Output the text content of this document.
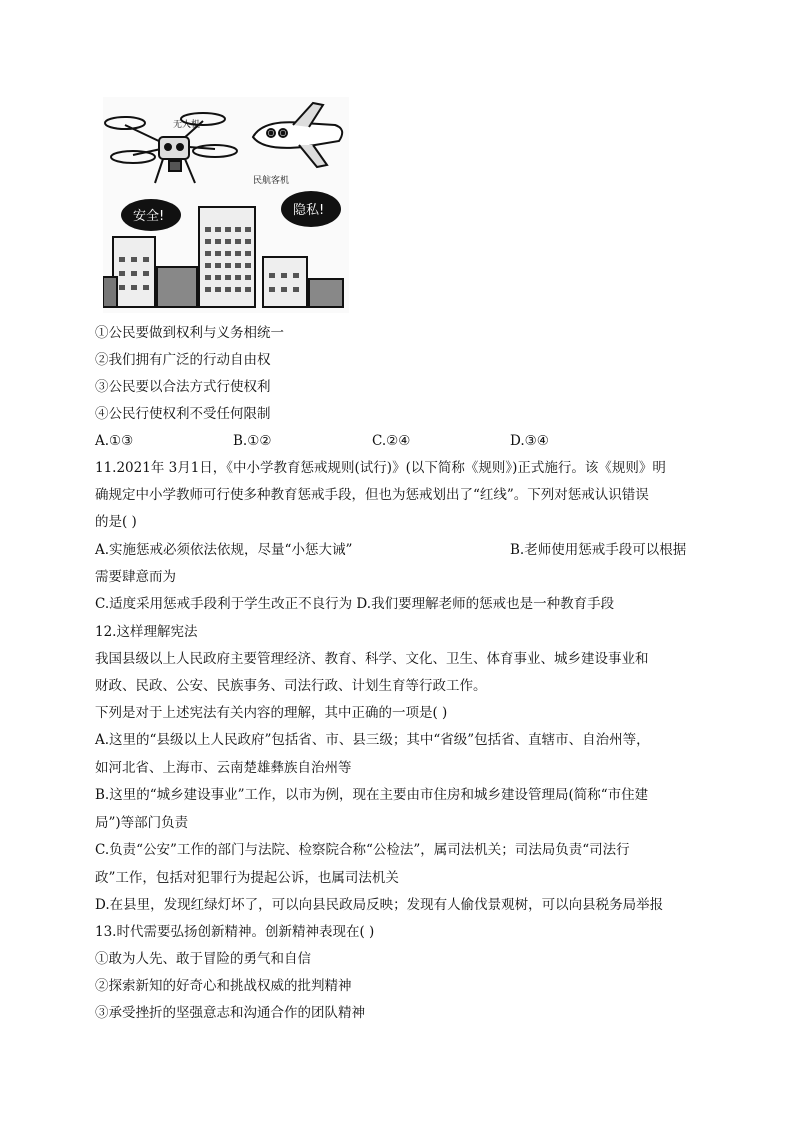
无人机
民航客机
安全!	隐私!
①公民要做到权利与义务相统一
②我们拥有广泛的行动自由权
③公民要以合法方式行使权利
④公民行使权利不受任何限制
A.①③	B.①②	C.②④	D.③④
11.2021年 3月1日，《中小学教育惩戒规则(试行)》(以下简称《规则》)正式施行。该《规则》明
确规定中小学教师可行使多种教育惩戒手段，但也为惩戒划出了“红线”。下列对惩戒认识错误
的是( )
A.实施惩戒必须依法依规，尽量“小惩大诫”	B.老师使用惩戒手段可以根据
需要肆意而为
C.适度采用惩戒手段利于学生改正不良行为 D.我们要理解老师的惩戒也是一种教育手段
12.这样理解宪法
我国县级以上人民政府主要管理经济、教育、科学、文化、卫生、体育事业、城乡建设事业和
财政、民政、公安、民族事务、司法行政、计划生育等行政工作。
下列是对于上述宪法有关内容的理解，其中正确的一项是( )
A.这里的“县级以上人民政府”包括省、市、县三级；其中“省级”包括省、直辖市、自治州等，
如河北省、上海市、云南楚雄彝族自治州等
B.这里的“城乡建设事业”工作，以市为例，现在主要由市住房和城乡建设管理局(简称“市住建
局”)等部门负责
C.负责“公安”工作的部门与法院、检察院合称“公检法”，属司法机关；司法局负责“司法行
政”工作，包括对犯罪行为提起公诉，也属司法机关
D.在县里，发现红绿灯坏了，可以向县民政局反映；发现有人偷伐景观树，可以向县税务局举报
13.时代需要弘扬创新精神。创新精神表现在( )
①敢为人先、敢于冒险的勇气和自信
②探索新知的好奇心和挑战权威的批判精神
③承受挫折的坚强意志和沟通合作的团队精神
